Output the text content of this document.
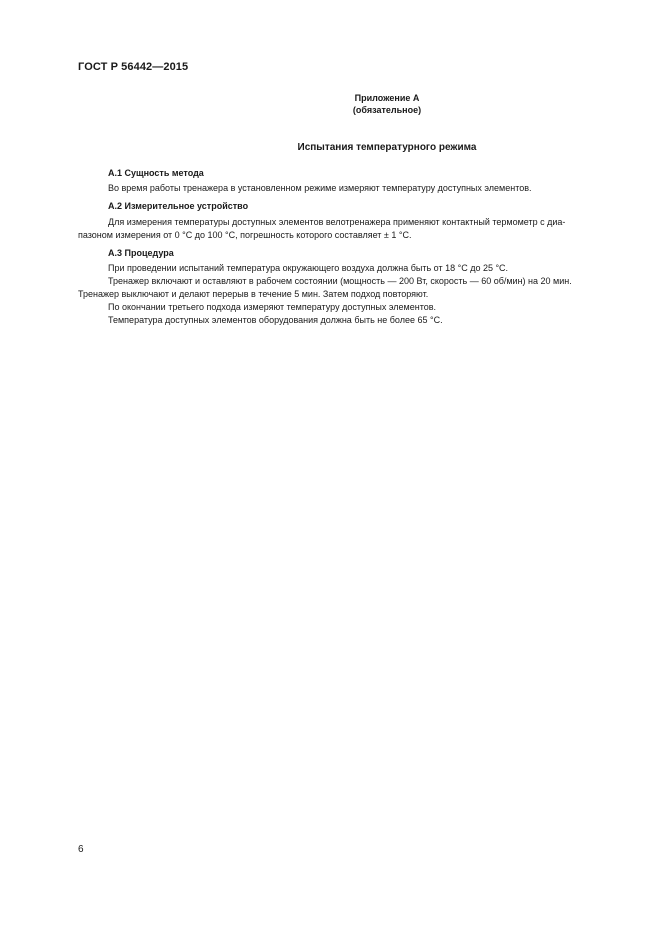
ГОСТ Р 56442—2015
Приложение А
(обязательное)
Испытания температурного режима
А.1 Сущность метода
Во время работы тренажера в установленном режиме измеряют температуру доступных элементов.
А.2 Измерительное устройство
Для измерения температуры доступных элементов велотренажера применяют контактный термометр с диа-
пазоном измерения от 0 °С до 100 °С, погрешность которого составляет ± 1 °С.
А.3 Процедура
При проведении испытаний температура окружающего воздуха должна быть от 18 °С до 25 °С.
Тренажер включают и оставляют в рабочем состоянии (мощность — 200 Вт, скорость — 60 об/мин) на 20 мин.
Тренажер выключают и делают перерыв в течение 5 мин. Затем подход повторяют.
По окончании третьего подхода измеряют температуру доступных элементов.
Температура доступных элементов оборудования должна быть не более 65 °С.
6
